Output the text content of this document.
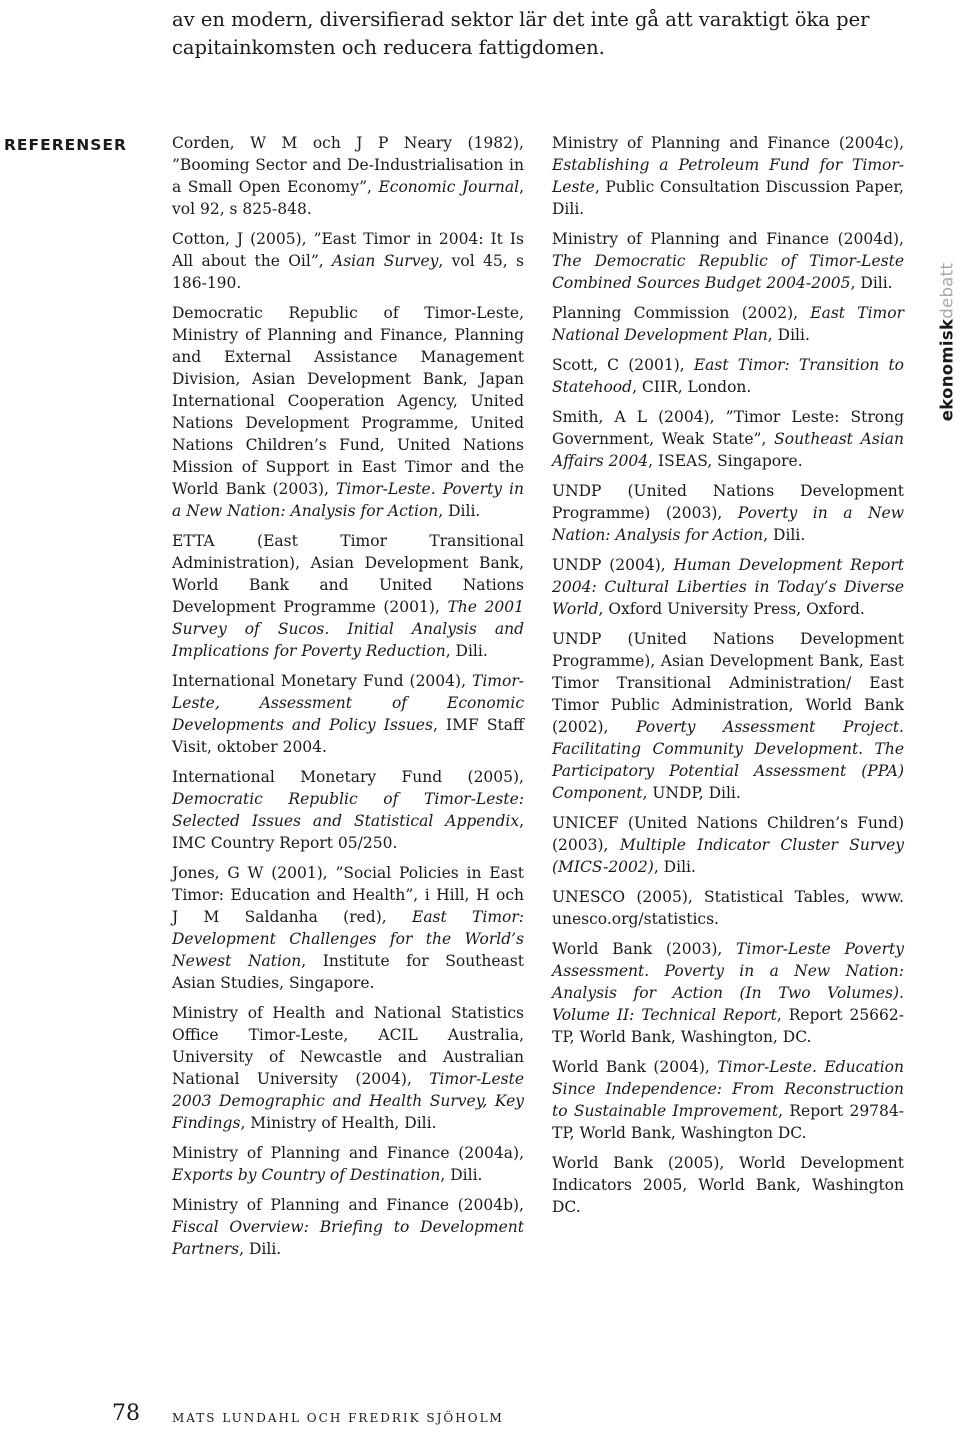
av en modern, diversifierad sektor lär det inte gå att varaktigt öka per capitainkomsten och reducera fattigdomen.
REFERENSER	Corden, W M och J P Neary (1982), ”Booming Sector and De-Industrialisation in a Small Open Economy”, Economic Journal, vol 92, s 825-848.

Cotton, J (2005), ”East Timor in 2004: It Is All about the Oil”, Asian Survey, vol 45, s 186-190.

Democratic Republic of Timor-Leste, Ministry of Planning and Finance, Planning and External Assistance Management Division, Asian Development Bank, Japan International Cooperation Agency, United Nations Development Programme, United Nations Children’s Fund, United Nations Mission of Support in East Timor and the World Bank (2003), Timor-Leste. Poverty in a New Nation: Analysis for Action, Dili.

ETTA (East Timor Transitional Administration), Asian Development Bank, World Bank and United Nations Development Programme (2001), The 2001 Survey of Sucos. Initial Analysis and Implications for Poverty Reduction, Dili.

International Monetary Fund (2004), Timor-Leste, Assessment of Economic Developments and Policy Issues, IMF Staff Visit, oktober 2004.

International Monetary Fund (2005), Democratic Republic of Timor-Leste: Selected Issues and Statistical Appendix, IMC Country Report 05/250.

Jones, G W (2001), ”Social Policies in East Timor: Education and Health”, i Hill, H och J M Saldanha (red), East Timor: Development Challenges for the World’s Newest Nation, Institute for Southeast Asian Studies, Singapore.

Ministry of Health and National Statistics Office Timor-Leste, ACIL Australia, University of Newcastle and Australian National University (2004), Timor-Leste 2003 Demographic and Health Survey, Key Findings, Ministry of Health, Dili.

Ministry of Planning and Finance (2004a), Exports by Country of Destination, Dili.

Ministry of Planning and Finance (2004b), Fiscal Overview: Briefing to Development Partners, Dili.

Ministry of Planning and Finance (2004c), Establishing a Petroleum Fund for Timor-Leste, Public Consultation Discussion Paper, Dili.

Ministry of Planning and Finance (2004d), The Democratic Republic of Timor-Leste Combined Sources Budget 2004-2005, Dili.

Planning Commission (2002), East Timor National Development Plan, Dili.

Scott, C (2001), East Timor: Transition to Statehood, CIIR, London.

Smith, A L (2004), ”Timor Leste: Strong Government, Weak State”, Southeast Asian Affairs 2004, ISEAS, Singapore.

UNDP (United Nations Development Programme) (2003), Poverty in a New Nation: Analysis for Action, Dili.

UNDP (2004), Human Development Report 2004: Cultural Liberties in Today’s Diverse World, Oxford University Press, Oxford.

UNDP (United Nations Development Programme), Asian Development Bank, East Timor Transitional Administration/ East Timor Public Administration, World Bank (2002), Poverty Assessment Project. Facilitating Community Development. The Participatory Potential Assessment (PPA) Component, UNDP, Dili.

UNICEF (United Nations Children’s Fund) (2003), Multiple Indicator Cluster Survey (MICS-2002), Dili.

UNESCO (2005), Statistical Tables, www. unesco.org/statistics.

World Bank (2003), Timor-Leste Poverty Assessment. Poverty in a New Nation: Analysis for Action (In Two Volumes). Volume II: Technical Report, Report 25662-TP, World Bank, Washington, DC.

World Bank (2004), Timor-Leste. Education Since Independence: From Reconstruction to Sustainable Improvement, Report 29784-TP, World Bank, Washington DC.

World Bank (2005), World Development Indicators 2005, World Bank, Washington DC.

ekonomiskdebatt
78	MATS LUNDAHL OCH FREDRIK SJÖHOLM
